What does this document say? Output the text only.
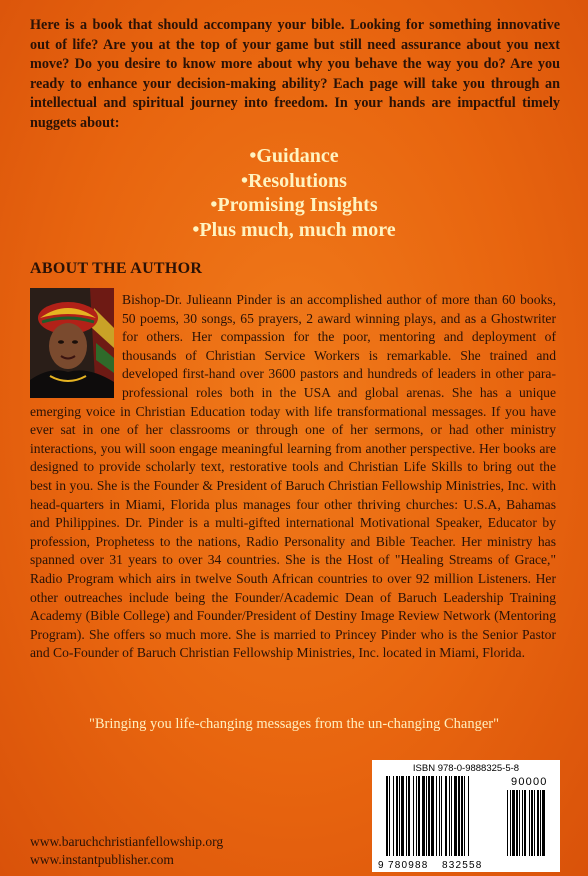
Here is a book that should accompany your bible. Looking for something innovative out of life? Are you at the top of your game but still need assurance about you next move? Do you desire to know more about why you behave the way you do? Are you ready to enhance your decision-making ability? Each page will take you through an intellectual and spiritual journey into freedom. In your hands are impactful timely nuggets about:
•Guidance
•Resolutions
•Promising Insights
•Plus much, much more
ABOUT THE AUTHOR
Bishop-Dr. Julieann Pinder is an accomplished author of more than 60 books, 50 poems, 30 songs, 65 prayers, 2 award winning plays, and as a Ghostwriter for others. Her compassion for the poor, mentoring and deployment of thousands of Christian Service Workers is remarkable. She trained and developed first-hand over 3600 pastors and hundreds of leaders in other para-professional roles both in the USA and global arenas. She has a unique emerging voice in Christian Education today with life transformational messages. If you have ever sat in one of her classrooms or through one of her sermons, or had other ministry interactions, you will soon engage meaningful learning from another perspective. Her books are designed to provide scholarly text, restorative tools and Christian Life Skills to bring out the best in you. She is the Founder & President of Baruch Christian Fellowship Ministries, Inc. with head-quarters in Miami, Florida plus manages four other thriving churches: U.S.A, Bahamas and Philippines. Dr. Pinder is a multi-gifted international Motivational Speaker, Educator by profession, Prophetess to the nations, Radio Personality and Bible Teacher. Her ministry has spanned over 31 years to over 34 countries. She is the Host of "Healing Streams of Grace," Radio Program which airs in twelve South African countries to over 92 million Listeners. Her other outreaches include being the Founder/Academic Dean of Baruch Leadership Training Academy (Bible College) and Founder/President of Destiny Image Review Network (Mentoring Program). She offers so much more. She is married to Princey Pinder who is the Senior Pastor and Co-Founder of Baruch Christian Fellowship Ministries, Inc. located in Miami, Florida.
"Bringing you life-changing messages from the un-changing Changer"
ISBN 978-0-9888325-5-8
9 780988 832558
90000
www.baruchchristianfellowship.org
www.instantpublisher.com
